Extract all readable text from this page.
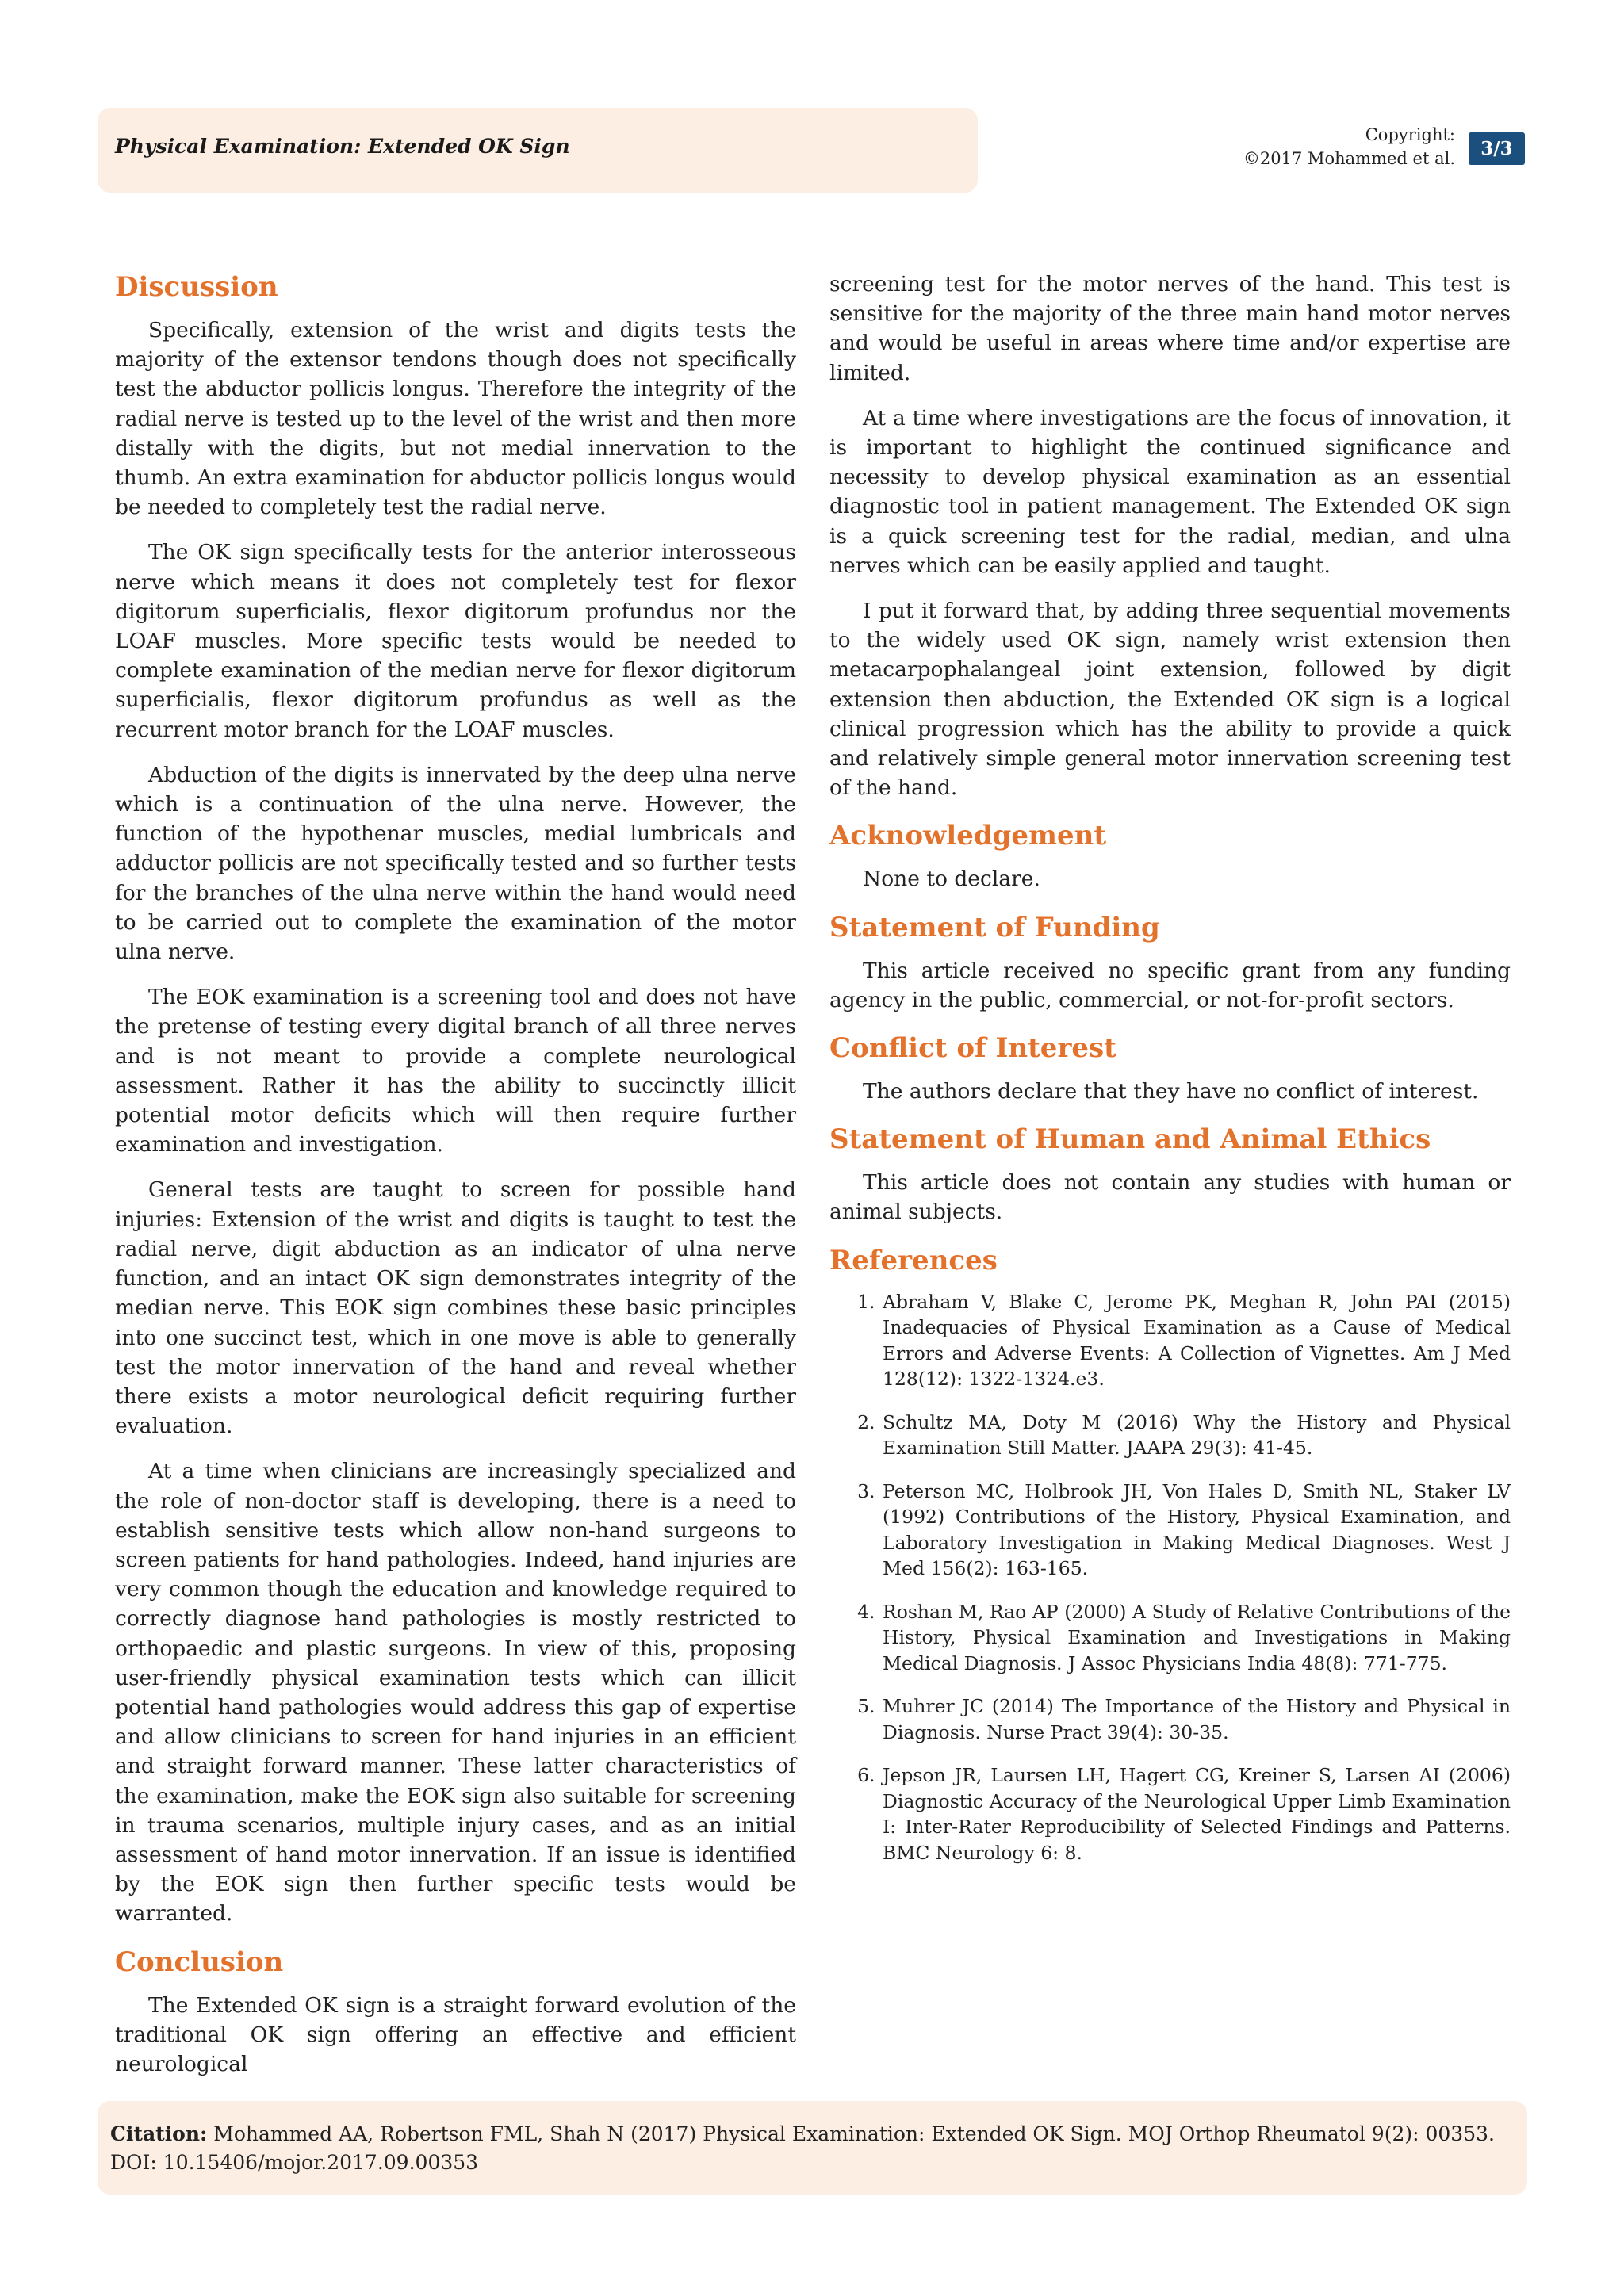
Physical Examination: Extended OK Sign	Copyright:
©2017 Mohammed et al.	3/3
Discussion

Specifically, extension of the wrist and digits tests the majority of the extensor tendons though does not specifically test the abductor pollicis longus. Therefore the integrity of the radial nerve is tested up to the level of the wrist and then more distally with the digits, but not medial innervation to the thumb. An extra examination for abductor pollicis longus would be needed to completely test the radial nerve.

The OK sign specifically tests for the anterior interosseous nerve which means it does not completely test for flexor digitorum superficialis, flexor digitorum profundus nor the LOAF muscles. More specific tests would be needed to complete examination of the median nerve for flexor digitorum superficialis, flexor digitorum profundus as well as the recurrent motor branch for the LOAF muscles.

Abduction of the digits is innervated by the deep ulna nerve which is a continuation of the ulna nerve. However, the function of the hypothenar muscles, medial lumbricals and adductor pollicis are not specifically tested and so further tests for the branches of the ulna nerve within the hand would need to be carried out to complete the examination of the motor ulna nerve.

The EOK examination is a screening tool and does not have the pretense of testing every digital branch of all three nerves and is not meant to provide a complete neurological assessment. Rather it has the ability to succinctly illicit potential motor deficits which will then require further examination and investigation.

General tests are taught to screen for possible hand injuries: Extension of the wrist and digits is taught to test the radial nerve, digit abduction as an indicator of ulna nerve function, and an intact OK sign demonstrates integrity of the median nerve. This EOK sign combines these basic principles into one succinct test, which in one move is able to generally test the motor innervation of the hand and reveal whether there exists a motor neurological deficit requiring further evaluation.

At a time when clinicians are increasingly specialized and the role of non-doctor staff is developing, there is a need to establish sensitive tests which allow non-hand surgeons to screen patients for hand pathologies. Indeed, hand injuries are very common though the education and knowledge required to correctly diagnose hand pathologies is mostly restricted to orthopaedic and plastic surgeons. In view of this, proposing user-friendly physical examination tests which can illicit potential hand pathologies would address this gap of expertise and allow clinicians to screen for hand injuries in an efficient and straight forward manner. These latter characteristics of the examination, make the EOK sign also suitable for screening in trauma scenarios, multiple injury cases, and as an initial assessment of hand motor innervation. If an issue is identified by the EOK sign then further specific tests would be warranted.

Conclusion

The Extended OK sign is a straight forward evolution of the traditional OK sign offering an effective and efficient neurological

screening test for the motor nerves of the hand. This test is sensitive for the majority of the three main hand motor nerves and would be useful in areas where time and/or expertise are limited.

At a time where investigations are the focus of innovation, it is important to highlight the continued significance and necessity to develop physical examination as an essential diagnostic tool in patient management. The Extended OK sign is a quick screening test for the radial, median, and ulna nerves which can be easily applied and taught.

I put it forward that, by adding three sequential movements to the widely used OK sign, namely wrist extension then metacarpophalangeal joint extension, followed by digit extension then abduction, the Extended OK sign is a logical clinical progression which has the ability to provide a quick and relatively simple general motor innervation screening test of the hand.

Acknowledgement

None to declare.

Statement of Funding

This article received no specific grant from any funding agency in the public, commercial, or not-for-profit sectors.

Conflict of Interest

The authors declare that they have no conflict of interest.

Statement of Human and Animal Ethics

This article does not contain any studies with human or animal subjects.

References
1. Abraham V, Blake C, Jerome PK, Meghan R, John PAI (2015) Inadequacies of Physical Examination as a Cause of Medical Errors and Adverse Events: A Collection of Vignettes. Am J Med 128(12): 1322-1324.e3.
2. Schultz MA, Doty M (2016) Why the History and Physical Examination Still Matter. JAAPA 29(3): 41-45.
3. Peterson MC, Holbrook JH, Von Hales D, Smith NL, Staker LV (1992) Contributions of the History, Physical Examination, and Laboratory Investigation in Making Medical Diagnoses. West J Med 156(2): 163-165.
4. Roshan M, Rao AP (2000) A Study of Relative Contributions of the History, Physical Examination and Investigations in Making Medical Diagnosis. J Assoc Physicians India 48(8): 771-775.
5. Muhrer JC (2014) The Importance of the History and Physical in Diagnosis. Nurse Pract 39(4): 30-35.
6. Jepson JR, Laursen LH, Hagert CG, Kreiner S, Larsen AI (2006) Diagnostic Accuracy of the Neurological Upper Limb Examination I: Inter-Rater Reproducibility of Selected Findings and Patterns. BMC Neurology 6: 8.
Citation: Mohammed AA, Robertson FML, Shah N (2017) Physical Examination: Extended OK Sign. MOJ Orthop Rheumatol 9(2): 00353.
DOI: 10.15406/mojor.2017.09.00353
